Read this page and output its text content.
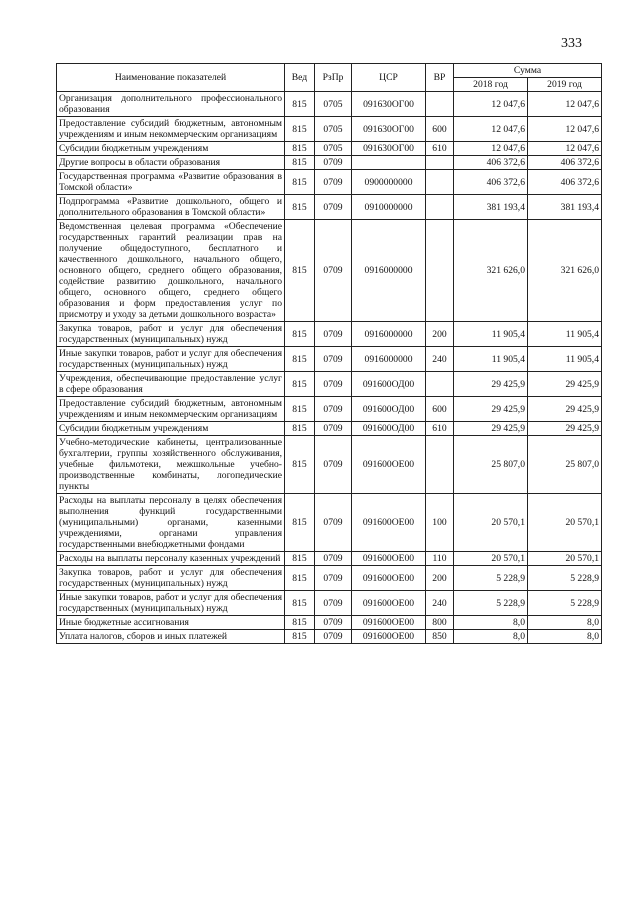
333
Наименование показателей	Вед	РзПр	ЦСР	ВР	Сумма	
					2018 год	2019 год
Организация дополнительного профессионального образования	815	0705	091630ОГ00		12 047,6	12 047,6
Предоставление субсидий бюджетным, автономным учреждениям и иным некоммерческим организациям	815	0705	091630ОГ00	600	12 047,6	12 047,6
Субсидии бюджетным учреждениям	815	0705	091630ОГ00	610	12 047,6	12 047,6
Другие вопросы в области образования	815	0709			406 372,6	406 372,6
Государственная программа «Развитие образования в Томской области»	815	0709	0900000000		406 372,6	406 372,6
Подпрограмма «Развитие дошкольного, общего и дополнительного образования в Томской области»	815	0709	0910000000		381 193,4	381 193,4
Ведомственная целевая программа «Обеспечение государственных гарантий реализации прав на получение общедоступного, бесплатного и качественного дошкольного, начального общего, основного общего, среднего общего образования, содействие развитию дошкольного, начального общего, основного общего, среднего общего образования и форм предоставления услуг по присмотру и уходу за детьми дошкольного возраста»	815	0709	0916000000		321 626,0	321 626,0
Закупка товаров, работ и услуг для обеспечения государственных (муниципальных) нужд	815	0709	0916000000	200	11 905,4	11 905,4
Иные закупки товаров, работ и услуг для обеспечения государственных (муниципальных) нужд	815	0709	0916000000	240	11 905,4	11 905,4
Учреждения, обеспечивающие предоставление услуг в сфере образования	815	0709	091600ОД00		29 425,9	29 425,9
Предоставление субсидий бюджетным, автономным учреждениям и иным некоммерческим организациям	815	0709	091600ОД00	600	29 425,9	29 425,9
Субсидии бюджетным учреждениям	815	0709	091600ОД00	610	29 425,9	29 425,9
Учебно-методические кабинеты, централизованные бухгалтерии, группы хозяйственного обслуживания, учебные фильмотеки, межшкольные учебно-производственные комбинаты, логопедические пункты	815	0709	091600ОЕ00		25 807,0	25 807,0
Расходы на выплаты персоналу в целях обеспечения выполнения функций государственными (муниципальными) органами, казенными учреждениями, органами управления государственными внебюджетными фондами	815	0709	091600ОЕ00	100	20 570,1	20 570,1
Расходы на выплаты персоналу казенных учреждений	815	0709	091600ОЕ00	110	20 570,1	20 570,1
Закупка товаров, работ и услуг для обеспечения государственных (муниципальных) нужд	815	0709	091600ОЕ00	200	5 228,9	5 228,9
Иные закупки товаров, работ и услуг для обеспечения государственных (муниципальных) нужд	815	0709	091600ОЕ00	240	5 228,9	5 228,9
Иные бюджетные ассигнования	815	0709	091600ОЕ00	800	8,0	8,0
Уплата налогов, сборов и иных платежей	815	0709	091600ОЕ00	850	8,0	8,0
